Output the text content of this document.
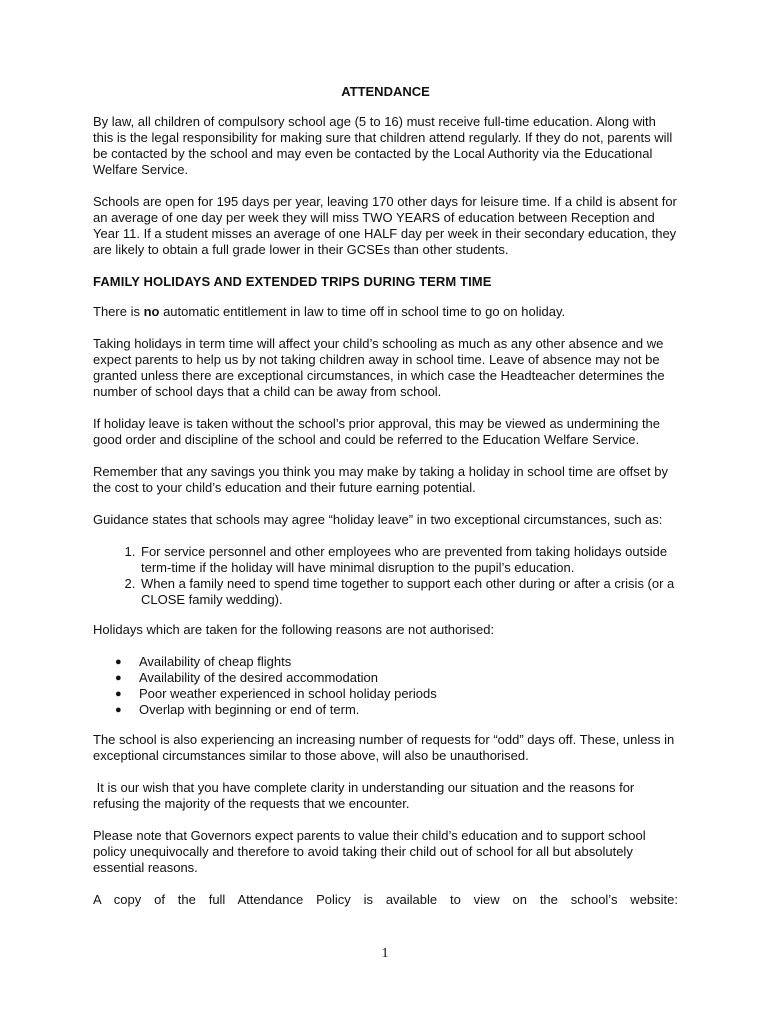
ATTENDANCE

By law, all children of compulsory school age (5 to 16) must receive full-time education. Along with this is the legal responsibility for making sure that children attend regularly. If they do not, parents will be contacted by the school and may even be contacted by the Local Authority via the Educational Welfare Service.

Schools are open for 195 days per year, leaving 170 other days for leisure time. If a child is absent for an average of one day per week they will miss TWO YEARS of education between Reception and Year 11. If a student misses an average of one HALF day per week in their secondary education, they are likely to obtain a full grade lower in their GCSEs than other students.

FAMILY HOLIDAYS AND EXTENDED TRIPS DURING TERM TIME

There is no automatic entitlement in law to time off in school time to go on holiday.

Taking holidays in term time will affect your child’s schooling as much as any other absence and we expect parents to help us by not taking children away in school time. Leave of absence may not be granted unless there are exceptional circumstances, in which case the Headteacher determines the number of school days that a child can be away from school.

If holiday leave is taken without the school’s prior approval, this may be viewed as undermining the good order and discipline of the school and could be referred to the Education Welfare Service.

Remember that any savings you think you may make by taking a holiday in school time are offset by the cost to your child’s education and their future earning potential.

Guidance states that schools may agree “holiday leave” in two exceptional circumstances, such as:

1. For service personnel and other employees who are prevented from taking holidays outside term-time if the holiday will have minimal disruption to the pupil’s education.
2. When a family need to spend time together to support each other during or after a crisis (or a CLOSE family wedding).

Holidays which are taken for the following reasons are not authorised:

● Availability of cheap flights
● Availability of the desired accommodation
● Poor weather experienced in school holiday periods
● Overlap with beginning or end of term.

The school is also experiencing an increasing number of requests for “odd” days off. These, unless in exceptional circumstances similar to those above, will also be unauthorised.

It is our wish that you have complete clarity in understanding our situation and the reasons for refusing the majority of the requests that we encounter.

Please note that Governors expect parents to value their child’s education and to support school policy unequivocally and therefore to avoid taking their child out of school for all but absolutely essential reasons.

A copy of the full Attendance Policy is available to view on the school’s website:

1
